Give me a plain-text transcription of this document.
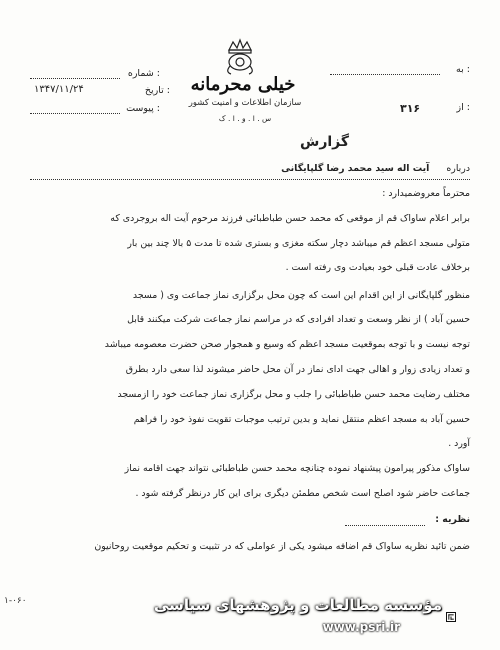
: شماره
: تاریخ
۱۳۴۷/۱۱/۲۴
: پیوست
: به
: از
۳۱۶
خیلی محرمانه
سازمان اطلاعات و امنیت کشور
س . ا . و . ا . ک
گزارش
درباره آیت اله سید محمد رضا گلپایگانی
محترماً معروضمیدارد :
برابر اعلام ساواک قم از موقعی که محمد حسن طباطبائی فرزند مرحوم آیت اله بروجردی که
متولی مسجد اعظم قم میباشد دچار سکته مغزی و بستری شده تا مدت ۵ بالا چند بین بار
برخلاف عادت قبلی خود بعیادت وی رفته است .
منظور گلپایگانی از این اقدام این است که چون محل برگزاری نماز جماعت وی ( مسجد
حسین آباد ) از نظر وسعت و تعداد افرادی که در مراسم نماز جماعت شرکت میکنند قابل
توجه نیست و با توجه بموقعیت مسجد اعظم که وسیع و همجوار صحن حضرت معصومه میباشد
و تعداد زیادی زوار و اهالی جهت ادای نماز در آن محل حاضر میشوند لذا سعی دارد بطرق
مختلف رضایت محمد حسن طباطبائی را جلب و محل برگزاری نماز جماعت خود را ازمسجد
حسین آباد به مسجد اعظم منتقل نماید و بدین ترتیب موجبات تقویت نفوذ خود را فراهم
آورد .
ساواک مذکور پیرامون پیشنهاد نموده چنانچه محمد حسن طباطبائی نتواند جهت اقامه نماز
جماعت حاضر شود اصلح است شخص مطمئن دیگری برای این کار درنظر گرفته شود .
نظریه :
ضمن تائید نظریه ساواک قم اضافه میشود یکی از عواملی که در تثبیت و تحکیم موقعیت روحانیون
۱-۰۶۰	مؤسسه مطالعات و پژوهشهای سیاسی
www.psri.ir
